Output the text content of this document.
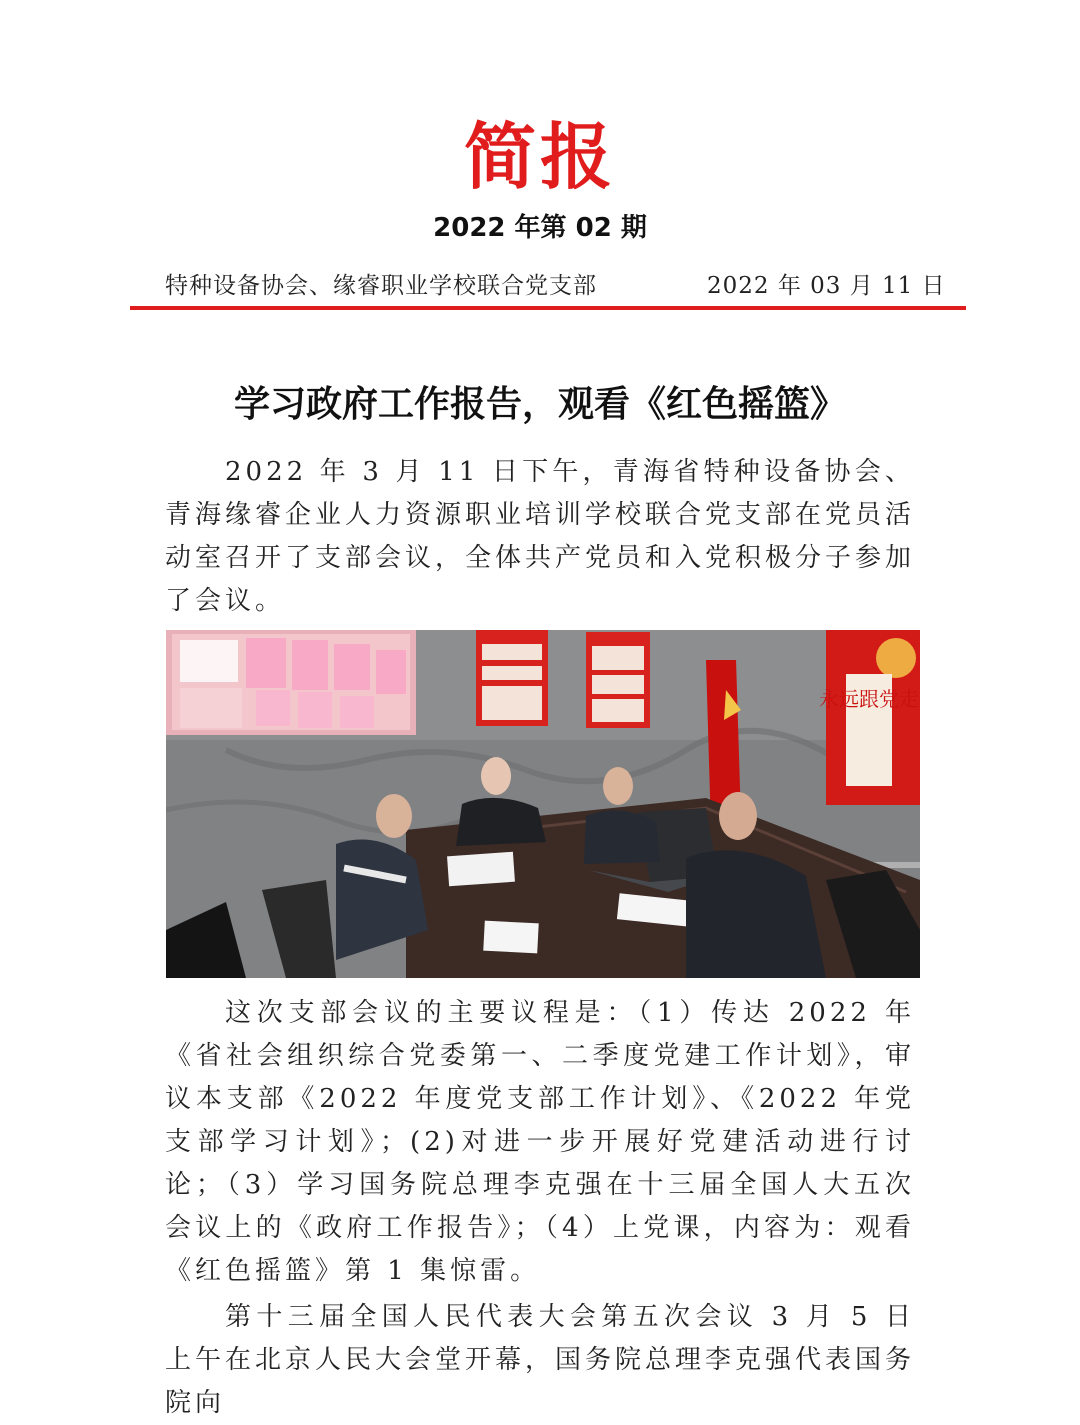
简报
2022 年第 02 期
特种设备协会、缘睿职业学校联合党支部	2022 年 03 月 11 日
学习政府工作报告，观看《红色摇篮》

2022 年 3 月 11 日下午，青海省特种设备协会、青海缘睿企业人力资源职业培训学校联合党支部在党员活动室召开了支部会议，全体共产党员和入党积极分子参加了会议。

永远跟党走

这次支部会议的主要议程是：（1）传达 2022 年《省社会组织综合党委第一、二季度党建工作计划》，审议本支部《2022 年度党支部工作计划》、《2022 年党支部学习计划》；(2)对进一步开展好党建活动进行讨论；（3）学习国务院总理李克强在十三届全国人大五次会议上的《政府工作报告》；（4）上党课，内容为：观看《红色摇篮》第 1 集惊雷。

第十三届全国人民代表大会第五次会议 3 月 5 日上午在北京人民大会堂开幕，国务院总理李克强代表国务院向
